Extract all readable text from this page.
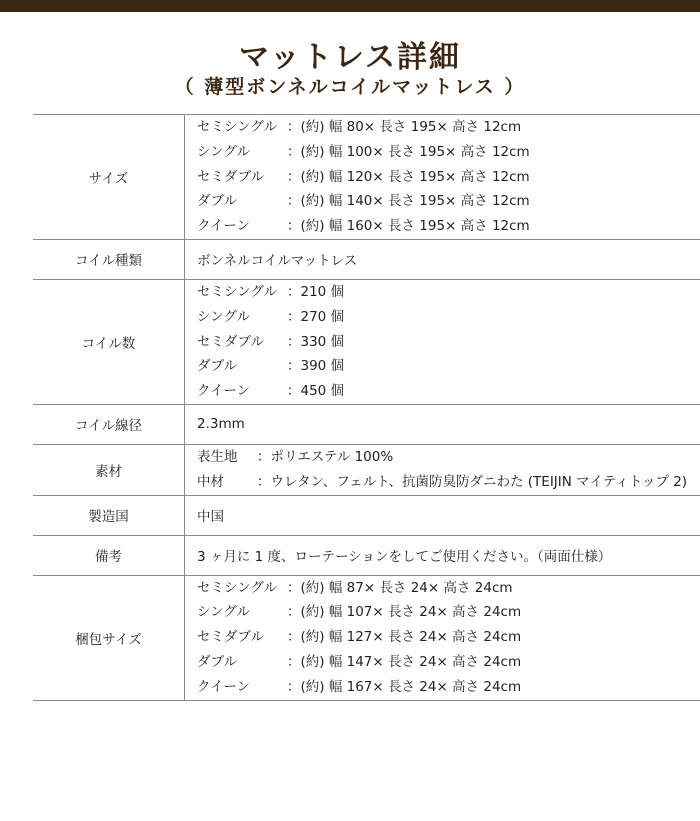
マットレス詳細
（ 薄型ボンネルコイルマットレス ）
サイズ	セミシングル ：(約) 幅 80× 長さ 195× 高さ 12cm
シングル ：(約) 幅 100× 長さ 195× 高さ 12cm
セミダブル ：(約) 幅 120× 長さ 195× 高さ 12cm
ダブル ：(約) 幅 140× 長さ 195× 高さ 12cm
クイーン ：(約) 幅 160× 長さ 195× 高さ 12cm

コイル種類	ボンネルコイルマットレス
コイル数	セミシングル ：210 個
シングル ：270 個
セミダブル ：330 個
ダブル ：390 個
クイーン ：450 個

コイル線径	2.3mm
素材	表生地 ：ポリエステル 100%
中材 ：ウレタン、フェルト、抗菌防臭防ダニわた (TEIJIN マイティトップ 2)

製造国	中国
備考	3 ヶ月に 1 度、ローテーションをしてご使用ください。（両面仕様）
梱包サイズ	セミシングル ：(約) 幅 87× 長さ 24× 高さ 24cm
シングル ：(約) 幅 107× 長さ 24× 高さ 24cm
セミダブル ：(約) 幅 127× 長さ 24× 高さ 24cm
ダブル ：(約) 幅 147× 長さ 24× 高さ 24cm
クイーン ：(約) 幅 167× 長さ 24× 高さ 24cm
